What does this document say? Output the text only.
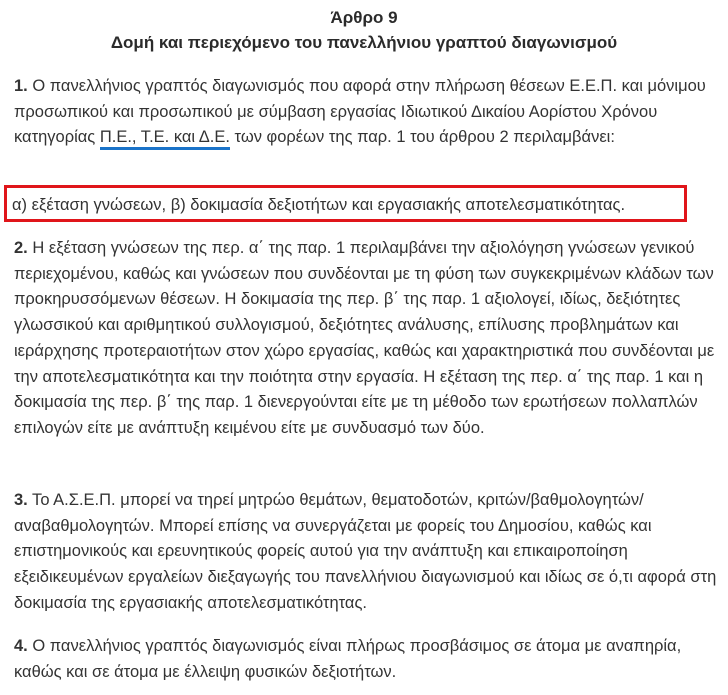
Άρθρο 9
Δομή και περιεχόμενο του πανελλήνιου γραπτού διαγωνισμού

1. Ο πανελλήνιος γραπτός διαγωνισμός που αφορά στην πλήρωση θέσεων Ε.Ε.Π. και μόνιμου προσωπικού και προσωπικού με σύμβαση εργασίας Ιδιωτικού Δικαίου Αορίστου Χρόνου κατηγορίας Π.Ε., Τ.Ε. και Δ.Ε. των φορέων της παρ. 1 του άρθρου 2 περιλαμβάνει:

α) εξέταση γνώσεων, β) δοκιμασία δεξιοτήτων και εργασιακής αποτελεσματικότητας.

2. Η εξέταση γνώσεων της περ. α΄ της παρ. 1 περιλαμβάνει την αξιολόγηση γνώσεων γενικού περιεχομένου, καθώς και γνώσεων που συνδέονται με τη φύση των συγκεκριμένων κλάδων των προκηρυσσόμενων θέσεων. Η δοκιμασία της περ. β΄ της παρ. 1 αξιολογεί, ιδίως, δεξιότητες γλωσσικού και αριθμητικού συλλογισμού, δεξιότητες ανάλυσης, επίλυσης προβλημάτων και ιεράρχησης προτεραιοτήτων στον χώρο εργασίας, καθώς και χαρακτηριστικά που συνδέονται με την αποτελεσματικότητα και την ποιότητα στην εργασία. Η εξέταση της περ. α΄ της παρ. 1 και η δοκιμασία της περ. β΄ της παρ. 1 διενεργούνται είτε με τη μέθοδο των ερωτήσεων πολλαπλών επιλογών είτε με ανάπτυξη κειμένου είτε με συνδυασμό των δύο.

3. Το Α.Σ.Ε.Π. μπορεί να τηρεί μητρώο θεμάτων, θεματοδοτών, κριτών/βαθμολογητών/ αναβαθμολογητών. Μπορεί επίσης να συνεργάζεται με φορείς του Δημοσίου, καθώς και επιστημονικούς και ερευνητικούς φορείς αυτού για την ανάπτυξη και επικαιροποίηση εξειδικευμένων εργαλείων διεξαγωγής του πανελλήνιου διαγωνισμού και ιδίως σε ό,τι αφορά στη δοκιμασία της εργασιακής αποτελεσματικότητας.

4. Ο πανελλήνιος γραπτός διαγωνισμός είναι πλήρως προσβάσιμος σε άτομα με αναπηρία, καθώς και σε άτομα με έλλειψη φυσικών δεξιοτήτων.
